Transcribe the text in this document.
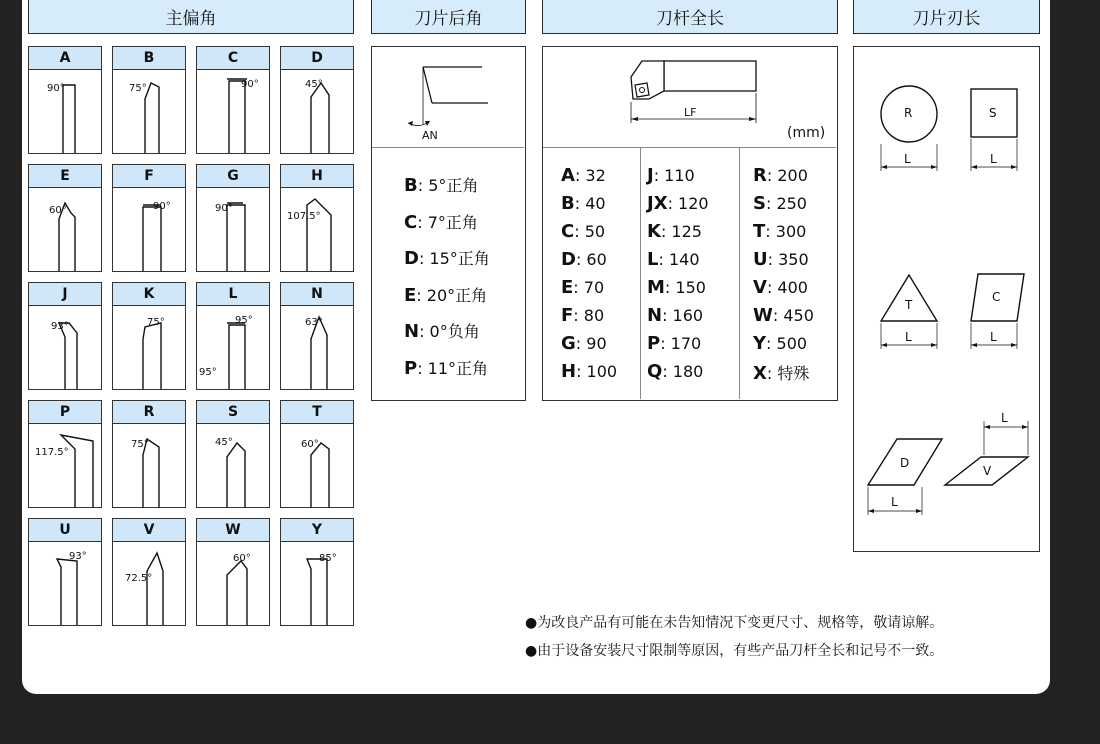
主偏角	刀片后角	刀杆全长	刀片刃长
A
90°
B
75°
C
90°
D
45°
E
60°
F
90°
G
90°
H
107.5°
J
93°
K
75°
L
95°
95°
N
63°
P
117.5°
R
75°
S
45°
T
60°
U
93°
V
72.5°
W
60°
Y
85°
AN
B: 5°正角
C: 7°正角
D: 15°正角
E: 20°正角
N: 0°负角
P: 11°正角
LF
(mm)
A: 32
B: 40
C: 50
D: 60
E: 70
F: 80
G: 90
H: 100
J: 110
JX: 120
K: 125
L: 140
M: 150
N: 160
P: 170
Q: 180
R: 200
S: 250
T: 300
U: 350
V: 400
W: 450
Y: 500
X: 特殊
R	S
L	L
T
C
L	L
D
V
L
L
●为改良产品有可能在未告知情况下变更尺寸、规格等，敬请谅解。
●由于设备安装尺寸限制等原因，有些产品刀杆全长和记号不一致。
